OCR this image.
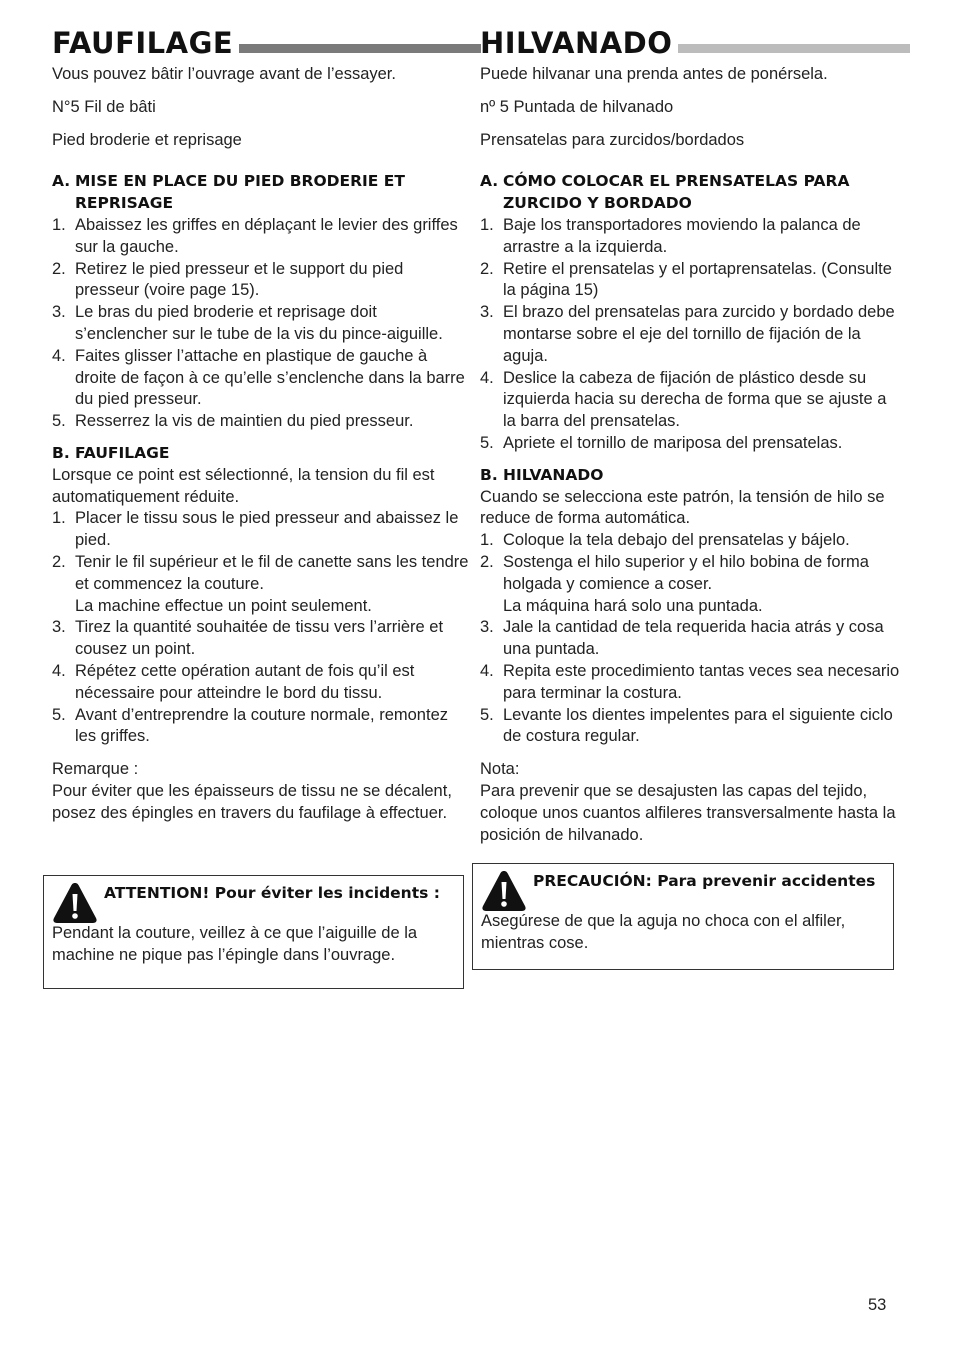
FAUFILAGE

Vous pouvez bâtir l’ouvrage avant de l’essayer.

N°5 Fil de bâti

Pied broderie et reprisage

A. MISE EN PLACE DU PIED BRODERIE ET REPRISAGE
1. Abaissez les griffes en déplaçant le levier des griffes sur la gauche.
2. Retirez le pied presseur et le support du pied presseur (voire page 15).
3. Le bras du pied broderie et reprisage doit s’enclencher sur le tube de la vis du pince-aiguille.
4. Faites glisser l’attache en plastique de gauche à droite de façon à ce qu’elle s’enclenche dans la barre du pied presseur.
5. Resserrez la vis de maintien du pied presseur.
B. FAUFILAGE

Lorsque ce point est sélectionné, la tension du fil est automatiquement réduite.

1. Placer le tissu sous le pied presseur and abaissez le pied.
2. Tenir le fil supérieur et le fil de canette sans les tendre et commencez la couture.
La machine effectue un point seulement.
3. Tirez la quantité souhaitée de tissu vers l’arrière et cousez un point.
4. Répétez cette opération autant de fois qu’il est nécessaire pour atteindre le bord du tissu.
5. Avant d’entreprendre la couture normale, remontez les griffes.

Remarque :

Pour éviter que les épaisseurs de tissu ne se décalent, posez des épingles en travers du faufilage à effectuer.

HILVANADO

Puede hilvanar una prenda antes de ponérsela.

nº 5 Puntada de hilvanado

Prensatelas para zurcidos/bordados

A. CÓMO COLOCAR EL PRENSATELAS PARA ZURCIDO Y BORDADO
1. Baje los transportadores moviendo la palanca de arrastre a la izquierda.
2. Retire el prensatelas y el portaprensatelas. (Consulte la página 15)
3. El brazo del prensatelas para zurcido y bordado debe montarse sobre el eje del tornillo de fijación de la aguja.
4. Deslice la cabeza de fijación de plástico desde su izquierda hacia su derecha de forma que se ajuste a la barra del prensatelas.
5. Apriete el tornillo de mariposa del prensatelas.
B. HILVANADO

Cuando se selecciona este patrón, la tensión de hilo se reduce de forma automática.

1. Coloque la tela debajo del prensatelas y bájelo.
2. Sostenga el hilo superior y el hilo bobina de forma holgada y comience a coser.
La máquina hará solo una puntada.
3. Jale la cantidad de tela requerida hacia atrás y cosa una puntada.
4. Repita este procedimiento tantas veces sea necesario para terminar la costura.
5. Levante los dientes impelentes para el siguiente ciclo de costura regular.

Nota:

Para prevenir que se desajusten las capas del tejido, coloque unos cuantos alfileres transversalmente hasta la posición de hilvanado.

ATTENTION! Pour éviter les incidents :

Pendant la couture, veillez à ce que l’aiguille de la machine ne pique pas l’épingle dans l’ouvrage.

PRECAUCIÓN: Para prevenir accidentes

Asegúrese de que la aguja no choca con el alfiler, mientras cose.

53
